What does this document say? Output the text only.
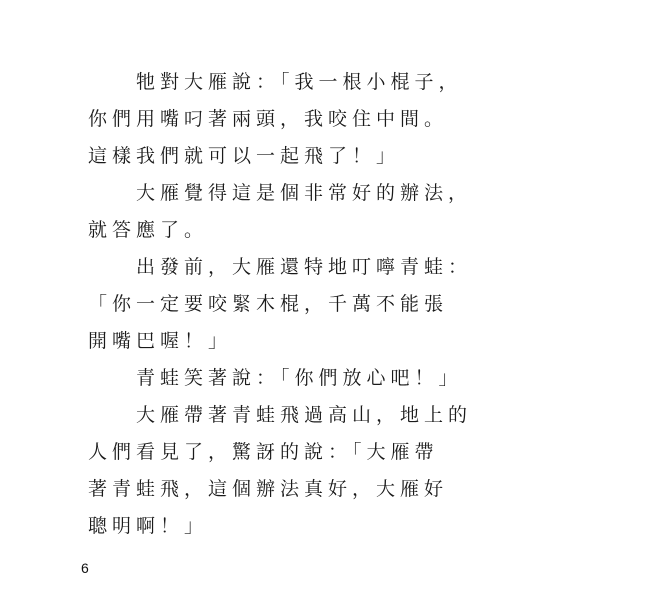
　　牠對大雁說：「我一根小棍子，
你們用嘴叼著兩頭，我咬住中間。
這樣我們就可以一起飛了！」
　　大雁覺得這是個非常好的辦法，
就答應了。
　　出發前，大雁還特地叮嚀青蛙：
「你一定要咬緊木棍，千萬不能張
開嘴巴喔！」
　　青蛙笑著說：「你們放心吧！」
　　大雁帶著青蛙飛過高山，地上的
人們看見了，驚訝的說：「大雁帶
著青蛙飛，這個辦法真好，大雁好
聰明啊！」
6
